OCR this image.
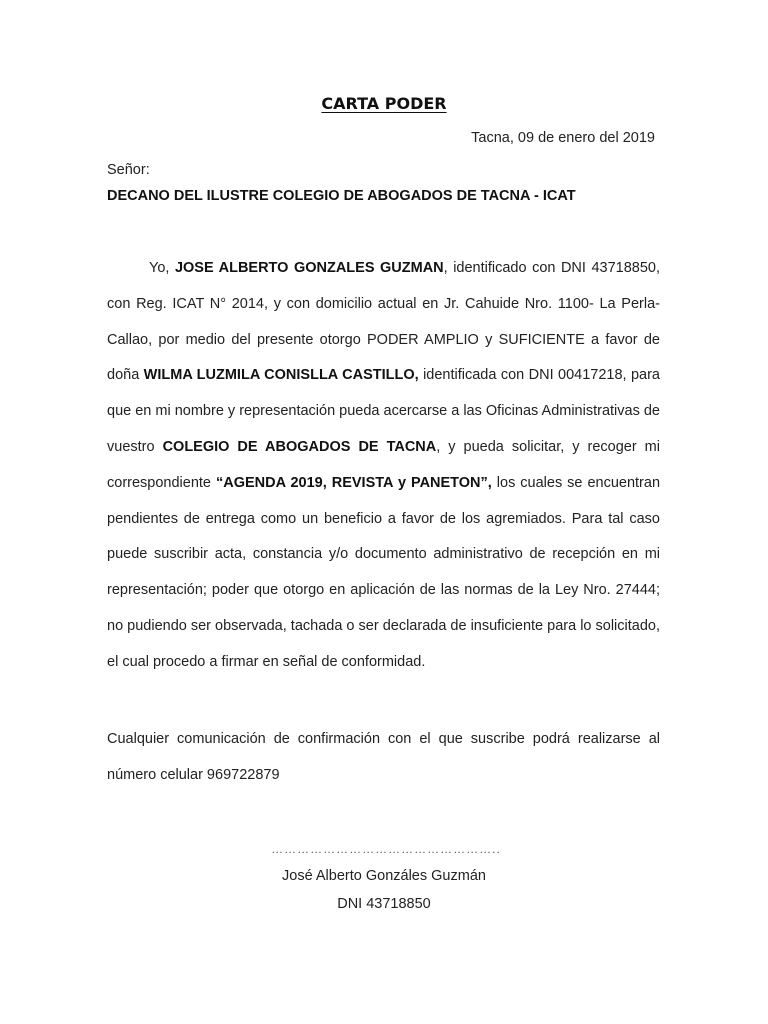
CARTA PODER
Tacna, 09 de enero del 2019
Señor:
DECANO DEL ILUSTRE COLEGIO DE ABOGADOS DE TACNA - ICAT

Yo, JOSE ALBERTO GONZALES GUZMAN, identificado con DNI 43718850, con Reg. ICAT N° 2014, y con domicilio actual en Jr. Cahuide Nro. 1100- La Perla- Callao, por medio del presente otorgo PODER AMPLIO y SUFICIENTE a favor de doña WILMA LUZMILA CONISLLA CASTILLO, identificada con DNI 00417218, para que en mi nombre y representación pueda acercarse a las Oficinas Administrativas de vuestro COLEGIO DE ABOGADOS DE TACNA, y pueda solicitar, y recoger mi correspondiente “AGENDA 2019, REVISTA y PANETON”, los cuales se encuentran pendientes de entrega como un beneficio a favor de los agremiados. Para tal caso puede suscribir acta, constancia y/o documento administrativo de recepción en mi representación; poder que otorgo en aplicación de las normas de la Ley Nro. 27444; no pudiendo ser observada, tachada o ser declarada de insuficiente para lo solicitado, el cual procedo a firmar en señal de conformidad.

Cualquier comunicación de confirmación con el que suscribe podrá realizarse al número celular 969722879

……………………………………………..
José Alberto Gonzáles Guzmán
DNI 43718850
